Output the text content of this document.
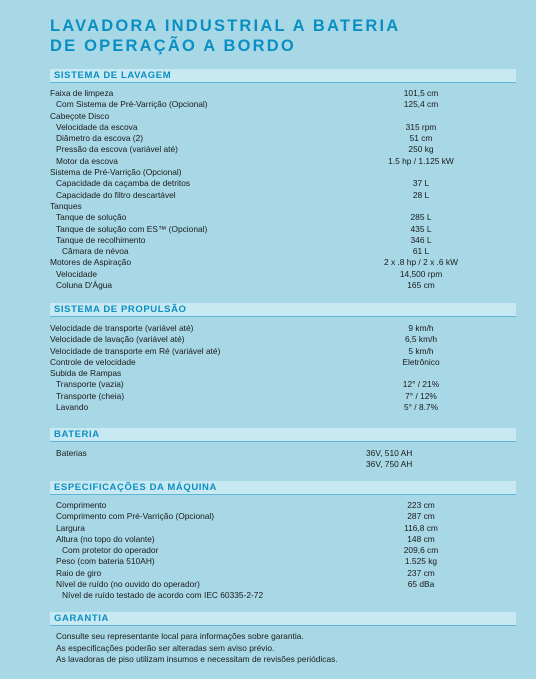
LAVADORA INDUSTRIAL A BATERIA
DE OPERAÇÃO A BORDO
SISTEMA DE LAVAGEM
Faixa de limpeza	101,5 cm
Com Sistema de Pré-Varrição (Opcional)	125,4 cm
Cabeçote Disco
Velocidade da escova	315 rpm
Diâmetro da escova (2)	51 cm
Pressão da escova (variável até)	250 kg
Motor da escova	1.5 hp / 1.125 kW
Sistema de Pré-Varrição (Opcional)
Capacidade da caçamba de detritos	37 L
Capacidade do filtro descartável	28 L
Tanques
Tanque de solução	285 L
Tanque de solução com ES™ (Opcional)	435 L
Tanque de recolhimento	346 L
Câmara de névoa	61 L
Motores de Aspiração	2 x .8 hp / 2 x .6 kW
Velocidade	14,500 rpm
Coluna D'Água	165 cm
SISTEMA DE PROPULSÃO
Velocidade de transporte (variável até)	9 km/h
Velocidade de lavação (variável até)	6,5 km/h
Velocidade de transporte em Ré (variável até)	5 km/h
Controle de velocidade	Eletrônico
Subida de Rampas
Transporte (vazia)	12° / 21%
Transporte (cheia)	7° / 12%
Lavando	5° / 8.7%
BATERIA
Baterias	36V, 510 AH
36V, 750 AH
ESPECIFICAÇÕES DA MÁQUINA
Comprimento	223 cm
Comprimento com Pré-Varrição (Opcional)	287 cm
Largura	116,8 cm
Altura (no topo do volante)	148 cm
Com protetor do operador	209,6 cm
Peso (com bateria 510AH)	1.525 kg
Raio de giro	237 cm
Nível de ruído (no ouvido do operador)	65 dBa
Nível de ruído testado de acordo com IEC 60335-2-72
GARANTIA
Consulte seu representante local para informações sobre garantia.
As especificações poderão ser alteradas sem aviso prévio.
As lavadoras de piso utilizam insumos e necessitam de revisões periódicas.
